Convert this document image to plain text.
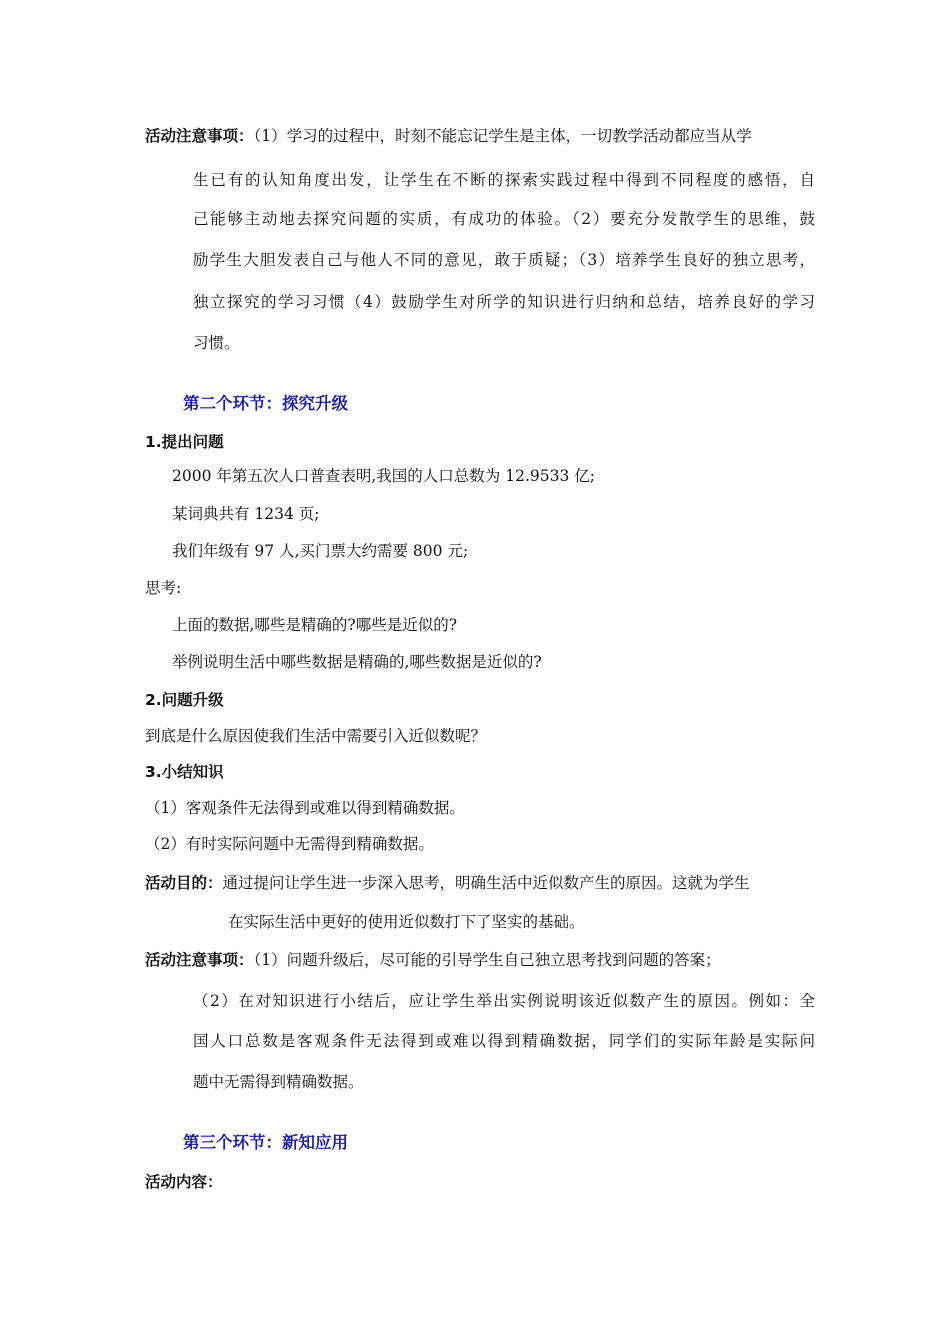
活动注意事项：（1）学习的过程中，时刻不能忘记学生是主体，一切教学活动都应当从学
生已有的认知角度出发，让学生在不断的探索实践过程中得到不同程度的感悟，自
己能够主动地去探究问题的实质，有成功的体验。（2）要充分发散学生的思维，鼓
励学生大胆发表自己与他人不同的意见，敢于质疑；（3）培养学生良好的独立思考，
独立探究的学习习惯（4）鼓励学生对所学的知识进行归纳和总结，培养良好的学习
习惯。
第二个环节：探究升级
1.提出问题
2000 年第五次人口普查表明,我国的人口总数为 12.9533 亿;
某词典共有 1234 页;
我们年级有 97 人,买门票大约需要 800 元;
思考:
上面的数据,哪些是精确的?哪些是近似的?
举例说明生活中哪些数据是精确的,哪些数据是近似的?
2.问题升级
到底是什么原因使我们生活中需要引入近似数呢？
3.小结知识
（1）客观条件无法得到或难以得到精确数据。
（2）有时实际问题中无需得到精确数据。
活动目的：通过提问让学生进一步深入思考，明确生活中近似数产生的原因。这就为学生
在实际生活中更好的使用近似数打下了坚实的基础。
活动注意事项：（1）问题升级后，尽可能的引导学生自己独立思考找到问题的答案；
（2）在对知识进行小结后，应让学生举出实例说明该近似数产生的原因。例如：全
国人口总数是客观条件无法得到或难以得到精确数据，同学们的实际年龄是实际问
题中无需得到精确数据。
第三个环节：新知应用
活动内容：
